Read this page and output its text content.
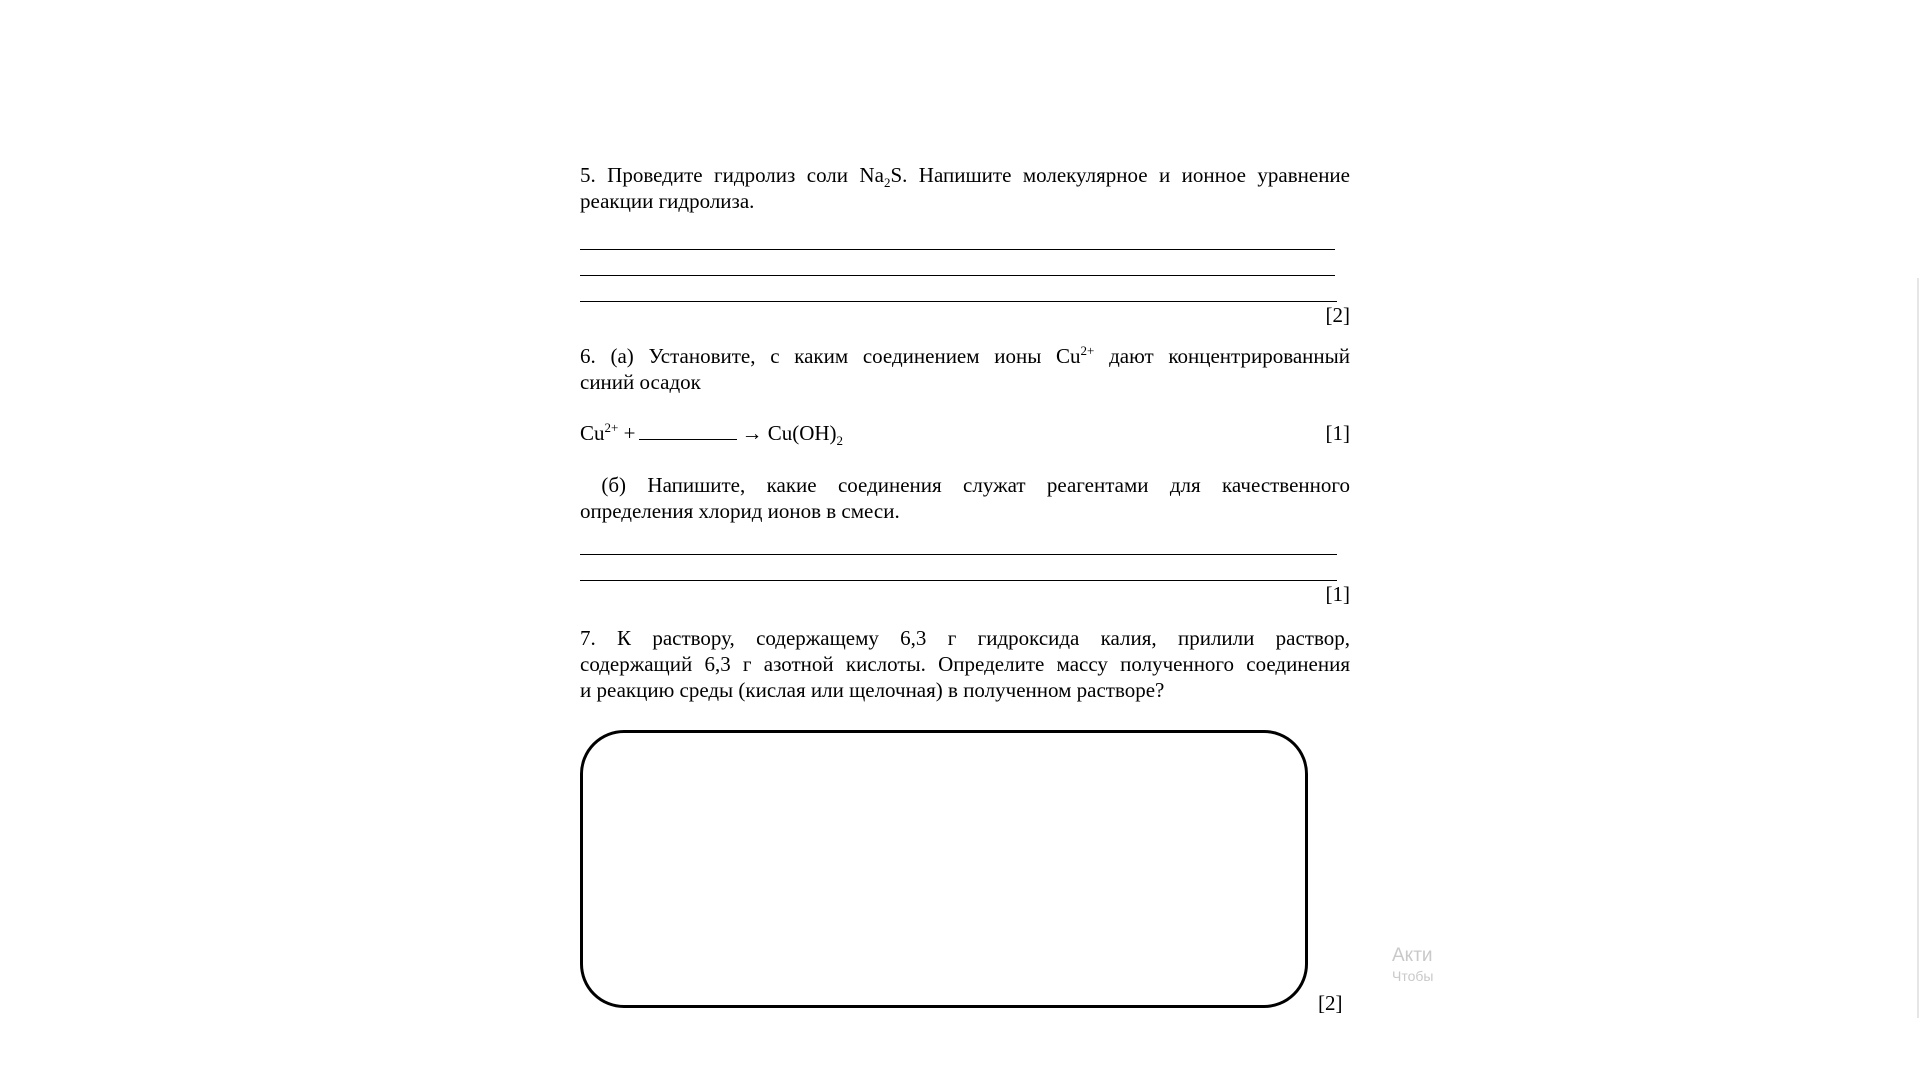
5. Проведите гидролиз соли $Na_2S$. Напишите молекулярное и ионное уравнение

реакции гидролиза.

[2]

6. (а) Установите, с каким соединением ионы $Cu^{2+}$ дают концентрированный

синий осадок

$Cu^{2+}$ +	→ $Cu(OH)_2$	[1]

(б) Напишите, какие соединения служат реагентами для качественного

определения хлорид ионов в смеси.

[1]

7. К раствору, содержащему 6,3 г гидроксида калия, прилили раствор,

содержащий 6,3 г азотной кислоты. Определите массу полученного соединения

и реакцию среды (кислая или щелочная) в полученном растворе?

[2]
Акти
Чтобы
